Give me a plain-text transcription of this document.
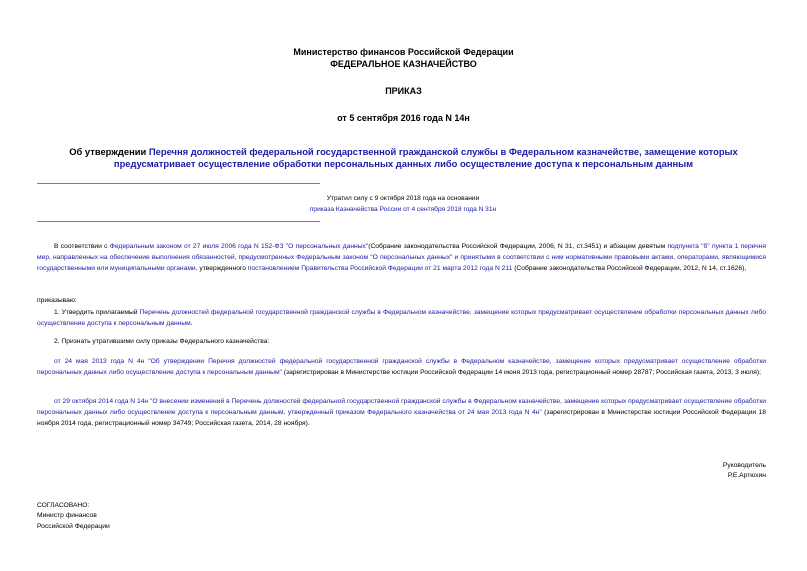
Министерство финансов Российской Федерации
ФЕДЕРАЛЬНОЕ КАЗНАЧЕЙСТВО
ПРИКАЗ
от 5 сентября 2016 года N 14н
Об утверждении Перечня должностей федеральной государственной гражданской службы в Федеральном казначействе, замещение которых предусматривает осуществление обработки персональных данных либо осуществление доступа к персональным данным
Утратил силу с 9 октября 2018 года на основании
приказа Казначейства России от 4 сентября 2018 года N 31н
В соответствии с Федеральным законом от 27 июля 2006 года N 152-ФЗ "О персональных данных"(Собрание законодательства Российской Федерации, 2006, N 31, ст.3451) и абзацем девятым подпункта "б" пункта 1 перечня мер, направленных на обеспечение выполнения обязанностей, предусмотренных Федеральным законом "О персональных данных" и принятыми в соответствии с ним нормативными правовыми актами, операторами, являющимися государственными или муниципальными органами, утвержденного постановлением Правительства Российской Федерации от 21 марта 2012 года N 211 (Собрание законодательства Российской Федерации, 2012, N 14, ст.1626),
приказываю:
1. Утвердить прилагаемый Перечень должностей федеральной государственной гражданской службы в Федеральном казначействе, замещение которых предусматривает осуществление обработки персональных данных либо осуществление доступа к персональным данным.
2. Признать утратившими силу приказы Федерального казначейства:
от 24 мая 2013 года N 4н "Об утверждении Перечня должностей федеральной государственной гражданской службы в Федеральном казначействе, замещение которых предусматривает осуществление обработки персональных данных либо осуществление доступа к персональным данным" (зарегистрирован в Министерстве юстиции Российской Федерации 14 июня 2013 года, регистрационный номер 28787; Российская газета, 2013, 3 июля);
от 29 октября 2014 года N 14н "О внесении изменений в Перечень должностей федеральной государственной гражданской службы в Федеральном казначействе, замещение которых предусматривает осуществление обработки персональных данных либо осуществление доступа к персональным данным, утвержденный приказом Федерального казначейства от 24 мая 2013 года N 4н" (зарегистрирован в Министерстве юстиции Российской Федерации 18 ноября 2014 года, регистрационный номер 34749; Российская газета, 2014, 28 ноября).
Руководитель
Р.Е.Артюхин
СОГЛАСОВАНО:
Министр финансов
Российской Федерации
